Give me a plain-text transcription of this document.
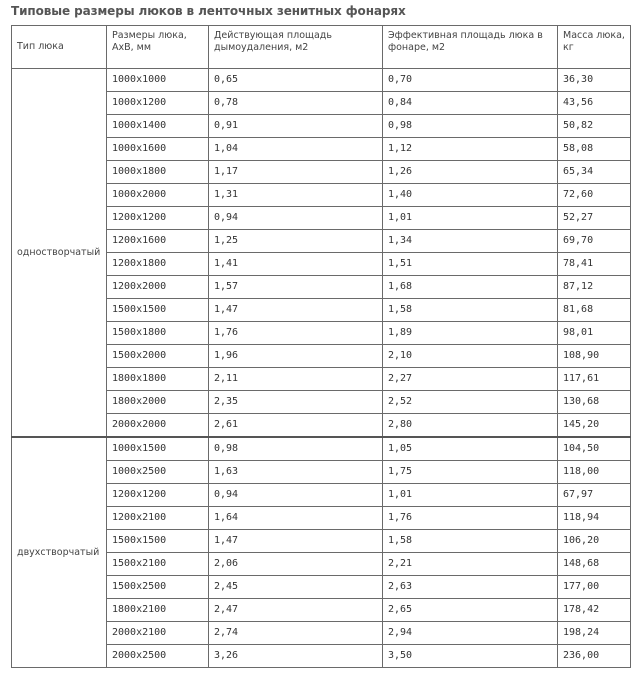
Типовые размеры люков в ленточных зенитных фонарях
Тип люка	Размеры люка, АхВ, мм	Действующая площадь дымоудаления, м2	Эффективная площадь люка в фонаре, м2	Масса люка, кг
одностворчатый	1000х1000	0,65	0,70	36,30
	1000х1200	0,78	0,84	43,56
	1000х1400	0,91	0,98	50,82
	1000х1600	1,04	1,12	58,08
	1000х1800	1,17	1,26	65,34
	1000х2000	1,31	1,40	72,60
	1200х1200	0,94	1,01	52,27
	1200х1600	1,25	1,34	69,70
	1200х1800	1,41	1,51	78,41
	1200х2000	1,57	1,68	87,12
	1500х1500	1,47	1,58	81,68
	1500х1800	1,76	1,89	98,01
	1500х2000	1,96	2,10	108,90
	1800х1800	2,11	2,27	117,61
	1800х2000	2,35	2,52	130,68
	2000х2000	2,61	2,80	145,20
двухстворчатый	1000х1500	0,98	1,05	104,50
	1000х2500	1,63	1,75	118,00
	1200х1200	0,94	1,01	67,97
	1200х2100	1,64	1,76	118,94
	1500х1500	1,47	1,58	106,20
	1500х2100	2,06	2,21	148,68
	1500х2500	2,45	2,63	177,00
	1800х2100	2,47	2,65	178,42
	2000х2100	2,74	2,94	198,24
	2000х2500	3,26	3,50	236,00
